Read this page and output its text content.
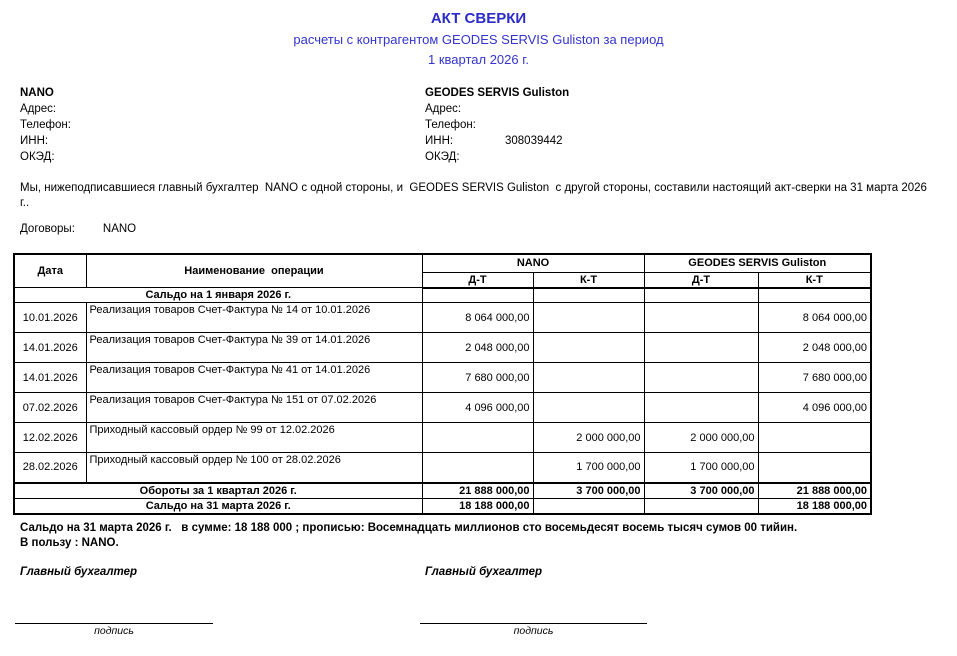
АКТ СВЕРКИ
расчеты с контрагентом GEODES SERVIS Guliston за период
1 квартал 2026 г.
NANO
Адрес:
Телефон:
ИНН:
ОКЭД:
GEODES SERVIS Guliston
Адрес:
Телефон:
ИНН:	308039442
ОКЭД:
Мы, нижеподписавшиеся главный бухгалтер  NANO с одной стороны, и  GEODES SERVIS Guliston  с другой стороны, составили настоящий акт-сверки на 31 марта 2026 г..
Договоры: NANO
Дата	Наименование  операции	NANO		GEODES SERVIS Guliston	
		Д-Т	К-Т	Д-Т	К-Т
Сальдо на 1 января 2026 г.					
10.01.2026	Реализация товаров Счет-Фактура № 14 от 10.01.2026	8 064 000,00			8 064 000,00
14.01.2026	Реализация товаров Счет-Фактура № 39 от 14.01.2026	2 048 000,00			2 048 000,00
14.01.2026	Реализация товаров Счет-Фактура № 41 от 14.01.2026	7 680 000,00			7 680 000,00
07.02.2026	Реализация товаров Счет-Фактура № 151 от 07.02.2026	4 096 000,00			4 096 000,00
12.02.2026	Приходный кассовый ордер № 99 от 12.02.2026		2 000 000,00	2 000 000,00	
28.02.2026	Приходный кассовый ордер № 100 от 28.02.2026		1 700 000,00	1 700 000,00	
Обороты за 1 квартал 2026 г.		21 888 000,00	3 700 000,00	3 700 000,00	21 888 000,00
Сальдо на 31 марта 2026 г.		18 188 000,00			18 188 000,00
Сальдо на 31 марта 2026 г.   в сумме: 18 188 000 ; прописью: Восемнадцать миллионов сто восемьдесят восемь тысяч сумов 00 тийин.
В пользу : NANO.
Главный бухгалтер	Главный бухгалтер
подпись	подпись
